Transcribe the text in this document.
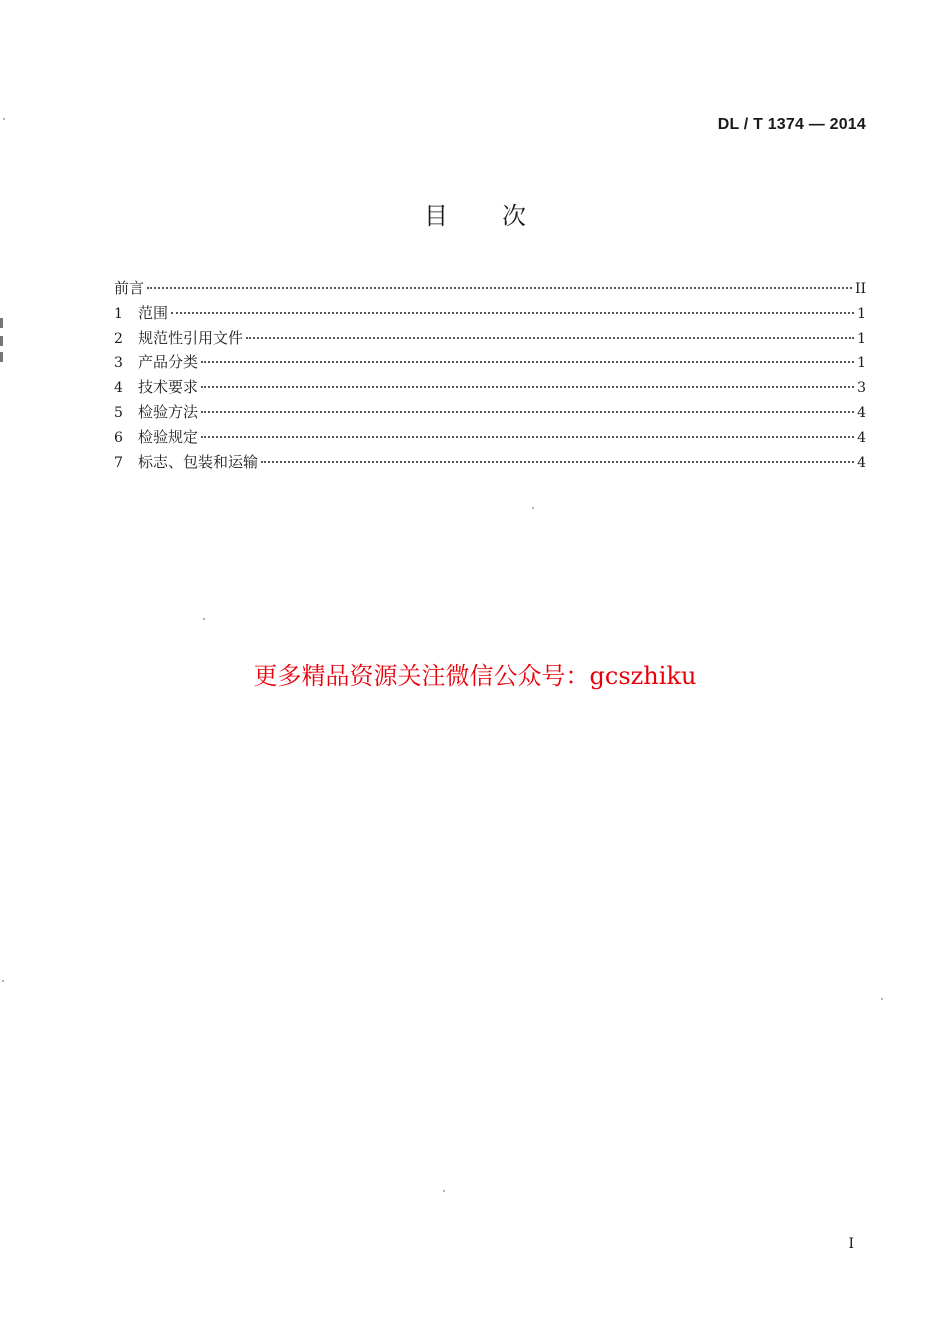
DL / T 1374 — 2014
目次
前言	II
1	范围	1
2	规范性引用文件	1
3	产品分类	1
4	技术要求	3
5	检验方法	4
6	检验规定	4
7	标志、包装和运输	4
更多精品资源关注微信公众号：gcszhiku
I
